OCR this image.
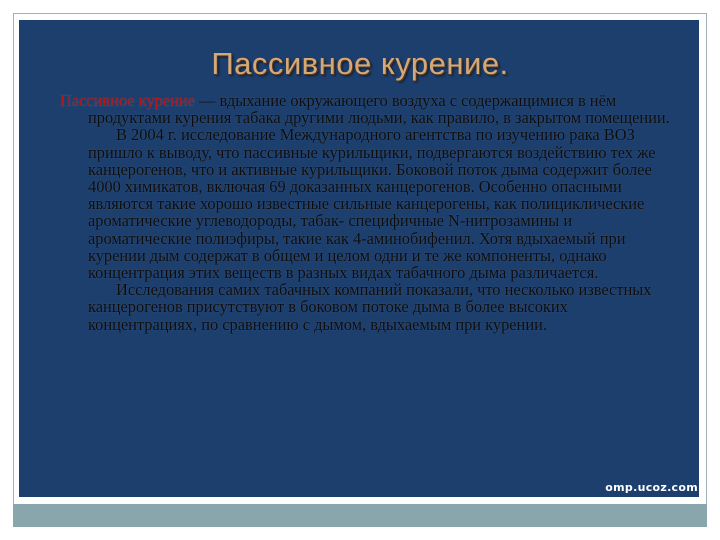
Пассивное курение.

Пассивное курение — вдыхание окружающего воздуха с содержащимися в нём продуктами курения табака другими людьми, как правило, в закрытом помещении.

В 2004 г. исследование Международного агентства по изучению рака ВОЗ пришло к выводу, что пассивные курильщики, подвергаются воздействию тех же канцерогенов, что и активные курильщики. Боковой поток дыма содержит более 4000 химикатов, включая 69 доказанных канцерогенов. Особенно опасными являются такие хорошо известные сильные канцерогены, как полициклические ароматические углеводороды, табак- специфичные N-нитрозамины и ароматические полиэфиры, такие как 4-аминобифенил. Хотя вдыхаемый при курении дым содержат в общем и целом одни и те же компоненты, однако концентрация этих веществ в разных видах табачного дыма различается.

Исследования самих табачных компаний показали, что несколько известных канцерогенов присутствуют в боковом потоке дыма в более высоких концентрациях, по сравнению с дымом, вдыхаемым при курении.

omp.ucoz.com
